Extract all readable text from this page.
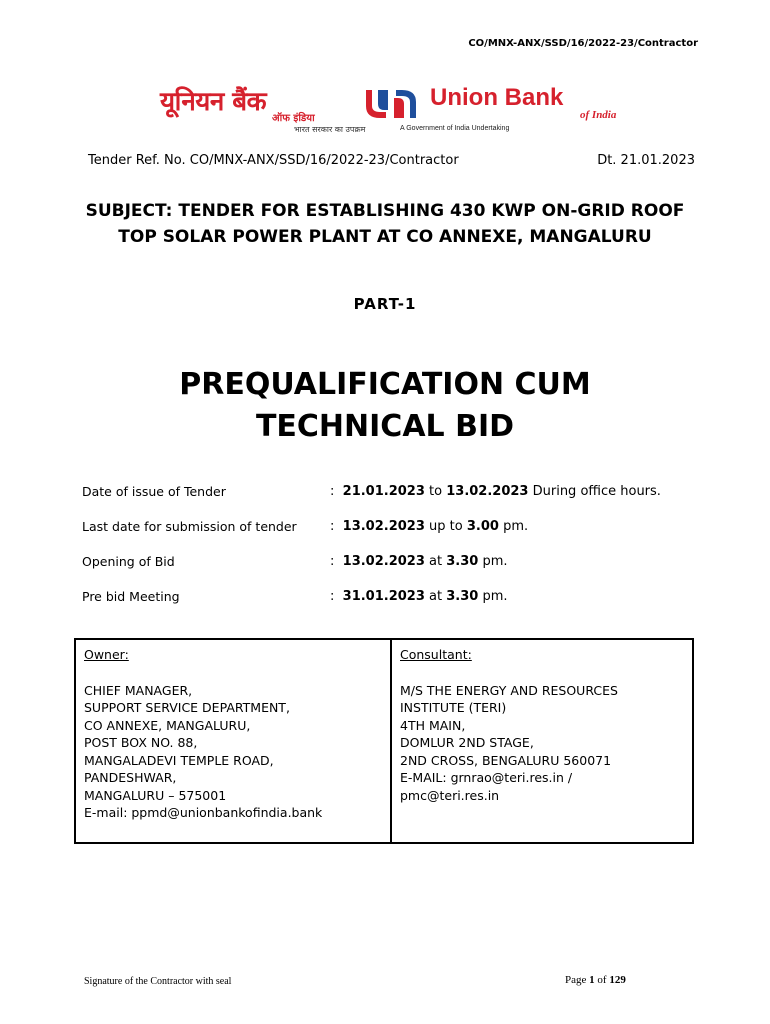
CO/MNX-ANX/SSD/16/2022-23/Contractor
यूनियन बैंक
ऑफ इंडिया
भारत सरकार का उपक्रम
Union Bank
of India
A Government of India Undertaking
Tender Ref. No. CO/MNX-ANX/SSD/16/2022-23/Contractor	Dt. 21.01.2023
SUBJECT: TENDER FOR ESTABLISHING 430 KWP ON-GRID ROOF
TOP SOLAR POWER PLANT AT CO ANNEXE, MANGALURU
PART-1
PREQUALIFICATION CUM
TECHNICAL BID
Date of issue of Tender	: 21.01.2023 to 13.02.2023 During office hours.
Last date for submission of tender	: 13.02.2023 up to 3.00 pm.
Opening of Bid	: 13.02.2023 at 3.30 pm.
Pre bid Meeting	: 31.01.2023 at 3.30 pm.
Owner:
CHIEF MANAGER,
SUPPORT SERVICE DEPARTMENT,
CO ANNEXE, MANGALURU,
POST BOX NO. 88,
MANGALADEVI TEMPLE ROAD,
PANDESHWAR,
MANGALURU – 575001
E-mail: ppmd@unionbankofindia.bank

Consultant:
M/S THE ENERGY AND RESOURCES
INSTITUTE (TERI)
4TH MAIN,
DOMLUR 2ND STAGE,
2ND CROSS, BENGALURU 560071
E-MAIL: grnrao@teri.res.in /
pmc@teri.res.in
Signature of the Contractor with seal	Page 1 of 129
